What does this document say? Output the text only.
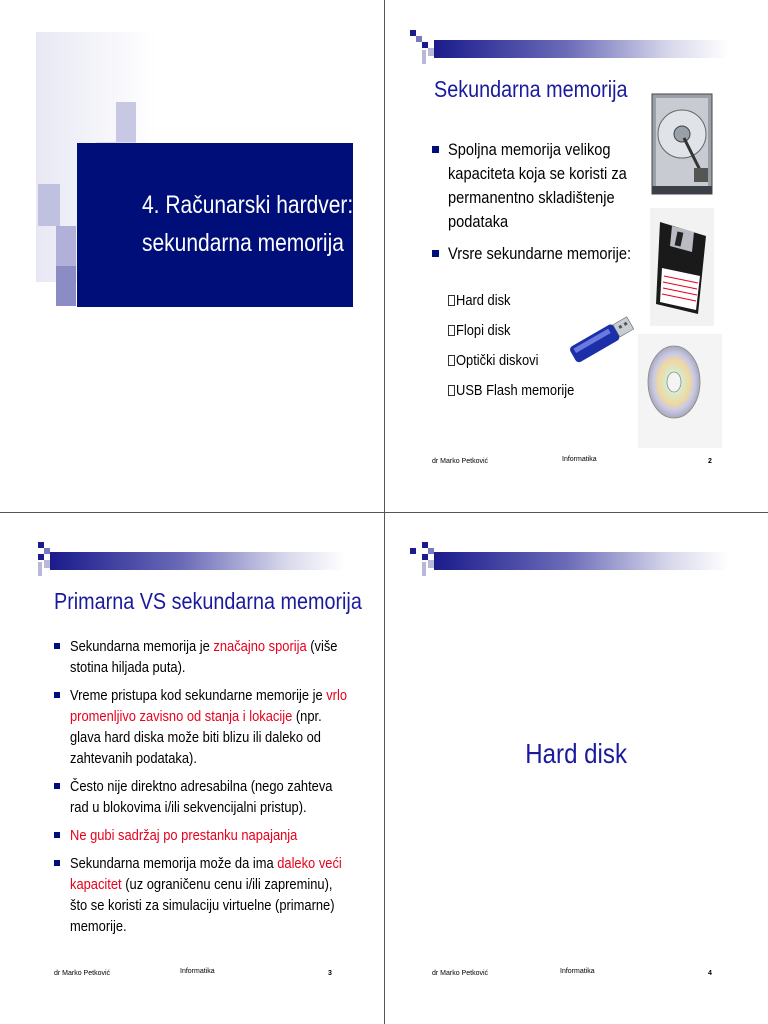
4. Računarski hardver:
sekundarna memorija
Sekundarna memorija
Spoljna memorija velikog
kapaciteta koja se koristi za
permanentno skladištenje
podataka
Vrsre sekundarne memorije:
Hard disk
Flopi disk
Optički diskovi
USB Flash memorije
dr Marko Petković	Informatika	2
Primarna VS sekundarna memorija
Sekundarna memorija je značajno sporija (više
stotina hiljada puta).
Vreme pristupa kod sekundarne memorije je vrlo
promenljivo zavisno od stanja i lokacije (npr.
glava hard diska može biti blizu ili daleko od
zahtevanih podataka).
Često nije direktno adresabilna (nego zahteva
rad u blokovima i/ili sekvencijalni pristup).
Ne gubi sadržaj po prestanku napajanja
Sekundarna memorija može da ima daleko veći
kapacitet (uz ograničenu cenu i/ili zapreminu),
što se koristi za simulaciju virtuelne (primarne)
memorije.
dr Marko Petković	Informatika	3
Hard disk
dr Marko Petković	Informatika	4
